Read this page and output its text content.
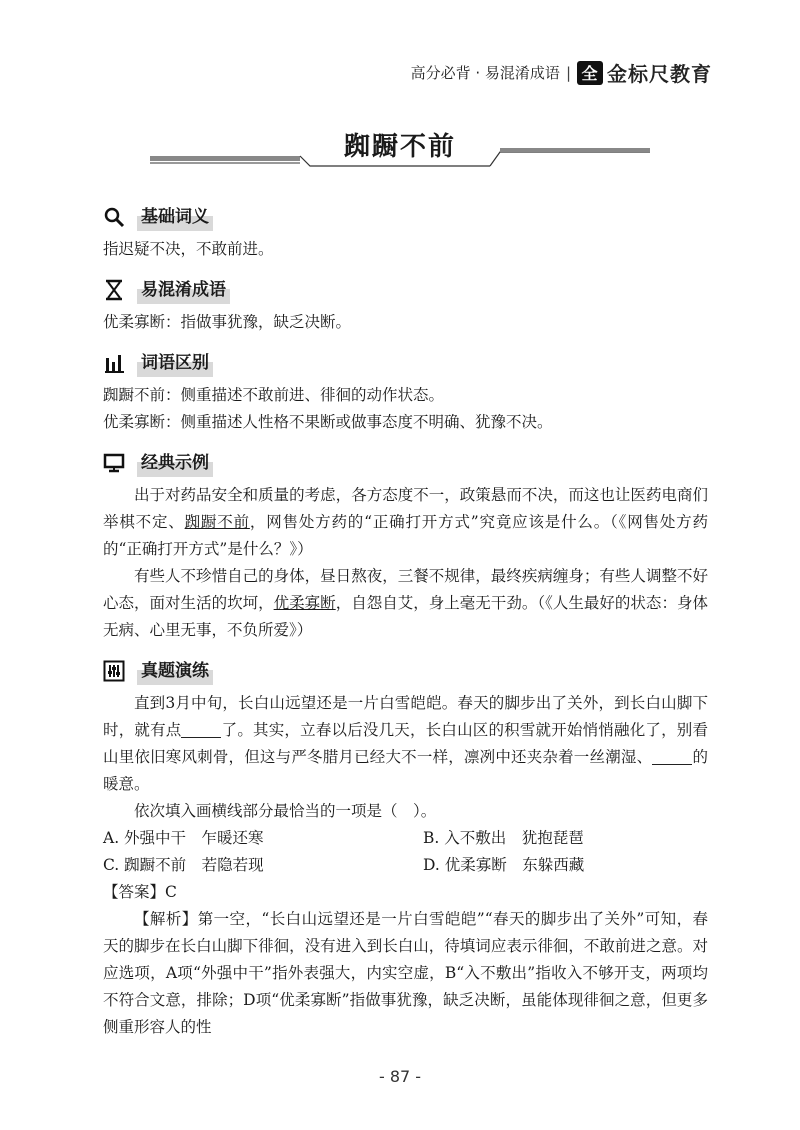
高分必背 · 易混淆成语 | 全 金标尺教育
踟蹰不前
基础词义

指迟疑不决，不敢前进。

易混淆成语

优柔寡断：指做事犹豫，缺乏决断。

词语区别

踟蹰不前：侧重描述不敢前进、徘徊的动作状态。

优柔寡断：侧重描述人性格不果断或做事态度不明确、犹豫不决。

经典示例

出于对药品安全和质量的考虑，各方态度不一，政策悬而不决，而这也让医药电商们举棋不定、踟蹰不前，网售处方药的“正确打开方式”究竟应该是什么。（《网售处方药的“正确打开方式”是什么？》）

有些人不珍惜自己的身体，昼日熬夜，三餐不规律，最终疾病缠身；有些人调整不好心态，面对生活的坎坷，优柔寡断，自怨自艾，身上毫无干劲。（《人生最好的状态：身体无病、心里无事，不负所爱》）

真题演练

直到3月中旬，长白山远望还是一片白雪皑皑。春天的脚步出了关外，到长白山脚下时，就有点	了。其实，立春以后没几天，长白山区的积雪就开始悄悄融化了，别看山里依旧寒风刺骨，但这与严冬腊月已经大不一样，凛冽中还夹杂着一丝潮湿、	的暖意。

依次填入画横线部分最恰当的一项是（　）。

A. 外强中干　乍暖还寒	B. 入不敷出　犹抱琵琶
C. 踟蹰不前　若隐若现	D. 优柔寡断　东躲西藏

【答案】C

【解析】第一空，“长白山远望还是一片白雪皑皑”“春天的脚步出了关外”可知，春天的脚步在长白山脚下徘徊，没有进入到长白山，待填词应表示徘徊，不敢前进之意。对应选项，A项“外强中干”指外表强大，内实空虚，B“入不敷出”指收入不够开支，两项均不符合文意，排除；D项“优柔寡断”指做事犹豫，缺乏决断，虽能体现徘徊之意，但更多侧重形容人的性

- 87 -
